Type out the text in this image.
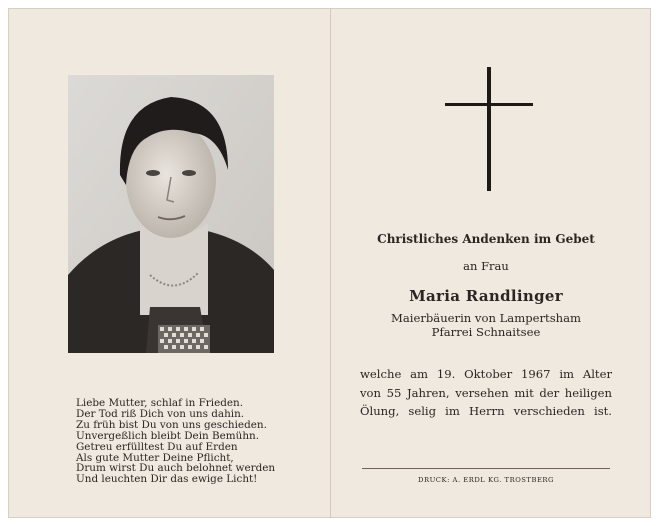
Liebe Mutter, schlaf in Frieden.
Der Tod riß Dich von uns dahin.
Zu früh bist Du von uns geschieden.
Unvergeßlich bleibt Dein Bemühn.
Getreu erfülltest Du auf Erden
Als gute Mutter Deine Pflicht,
Drum wirst Du auch belohnet werden
Und leuchten Dir das ewige Licht!
Christliches Andenken im Gebet
an Frau
Maria Randlinger
Maierbäuerin von Lampertsham
Pfarrei Schnaitsee
welche am 19. Oktober 1967 im Alter
von 55 Jahren, versehen mit der heiligen
Ölung, selig im Herrn verschieden ist.
DRUCK: A. ERDL KG. TROSTBERG
